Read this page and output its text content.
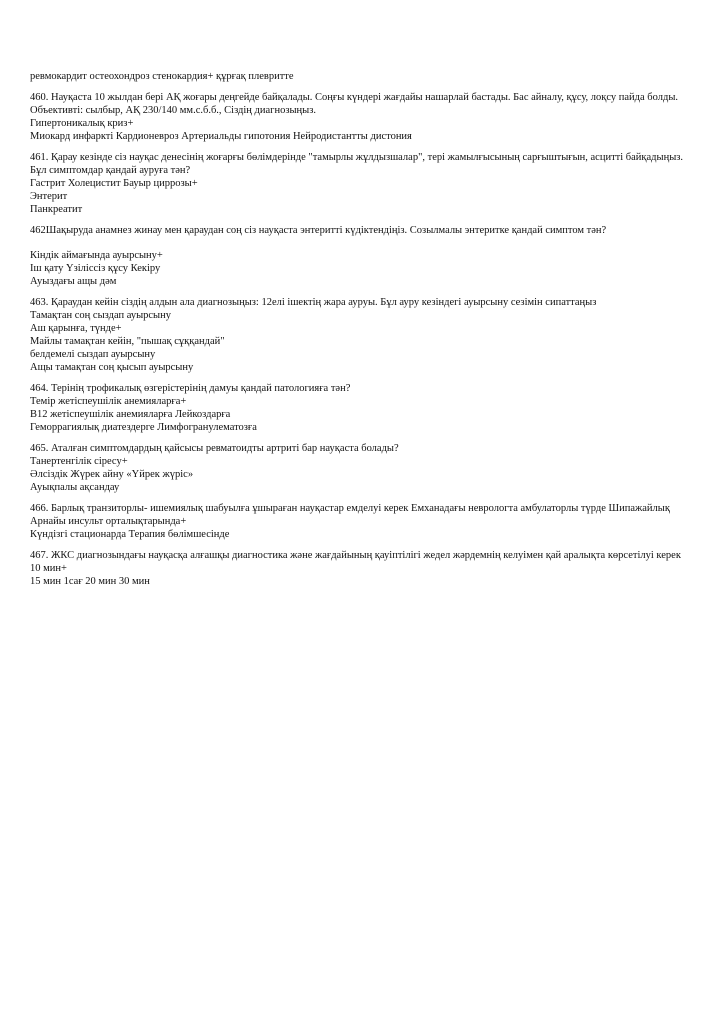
ревмокардит остеохондроз стенокардия+ құрғақ плевритте

460. Науқаста 10 жылдан бері АҚ жоғары деңгейде байқалады. Соңғы күндері жағдайы нашарлай бастады. Бас айналу, құсу, лоқсу пайда болды. Объективті: сылбыр, АҚ 230/140 мм.с.б.б., Сіздің диагнозыңыз.

Гипертоникалық криз+

Миокард инфаркті Кардионевроз Артериальды гипотония Нейродистантты дистония

461. Қарау кезінде сіз науқас денесінің жоғарғы бөлімдерінде "тамырлы жұлдызшалар", тері жамылғысының сарғыштығын, асцитті байқадыңыз. Бұл симптомдар қандай ауруға тән?

Гастрит Холецистит Бауыр циррозы+

Энтерит

Панкреатит

462Шақыруда анамнез жинау мен қараудан соң сіз науқаста энтеритті күдіктендіңіз. Созылмалы энтеритке қандай симптом тән?

Кіндік аймағында ауырсыну+

Іш қату Үзіліссіз құсу Кекіру

Ауыздағы ащы дәм

463. Қараудан кейін сіздің алдын ала диагнозыңыз: 12елі ішектің жара ауруы. Бұл ауру кезіндегі ауырсыну сезімін сипаттаңыз

Тамақтан соң сыздап ауырсыну

Аш қарынға, түнде+

Майлы тамақтан кейін, "пышақ сұққандай"

белдемелі сыздап ауырсыну

Ащы тамақтан соң қысып ауырсыну

464. Терінің трофикалық өзгерістерінің дамуы қандай патологияға тән?

Темір жетіспеушілік анемияларға+

В12 жетіспеушілік анемияларға Лейкоздарға

Геморрагиялық диатездерге Лимфогранулематозға

465. Аталған симптомдардың қайсысы ревматоидты артриті бар науқаста болады?

Танертенгілік сіресу+

Әлсіздік Жүрек айну «Үйрек жүріс»

Ауықпалы ақсандау

466. Барлық транзиторлы- ишемиялық шабуылға ұшыраған науқастар емделуі керек Емханадағы неврологта амбулаторлы түрде Шипажайлық

Арнайы инсульт орталықтарында+

Күндізгі стационарда Терапия бөлімшесінде

467. ЖКС диагнозындағы науқасқа алғашқы диагностика және жағдайының қауіптілігі жедел жәрдемнің келуімен қай аралықта көрсетілуі керек

10 мин+

15 мин 1сағ 20 мин 30 мин
